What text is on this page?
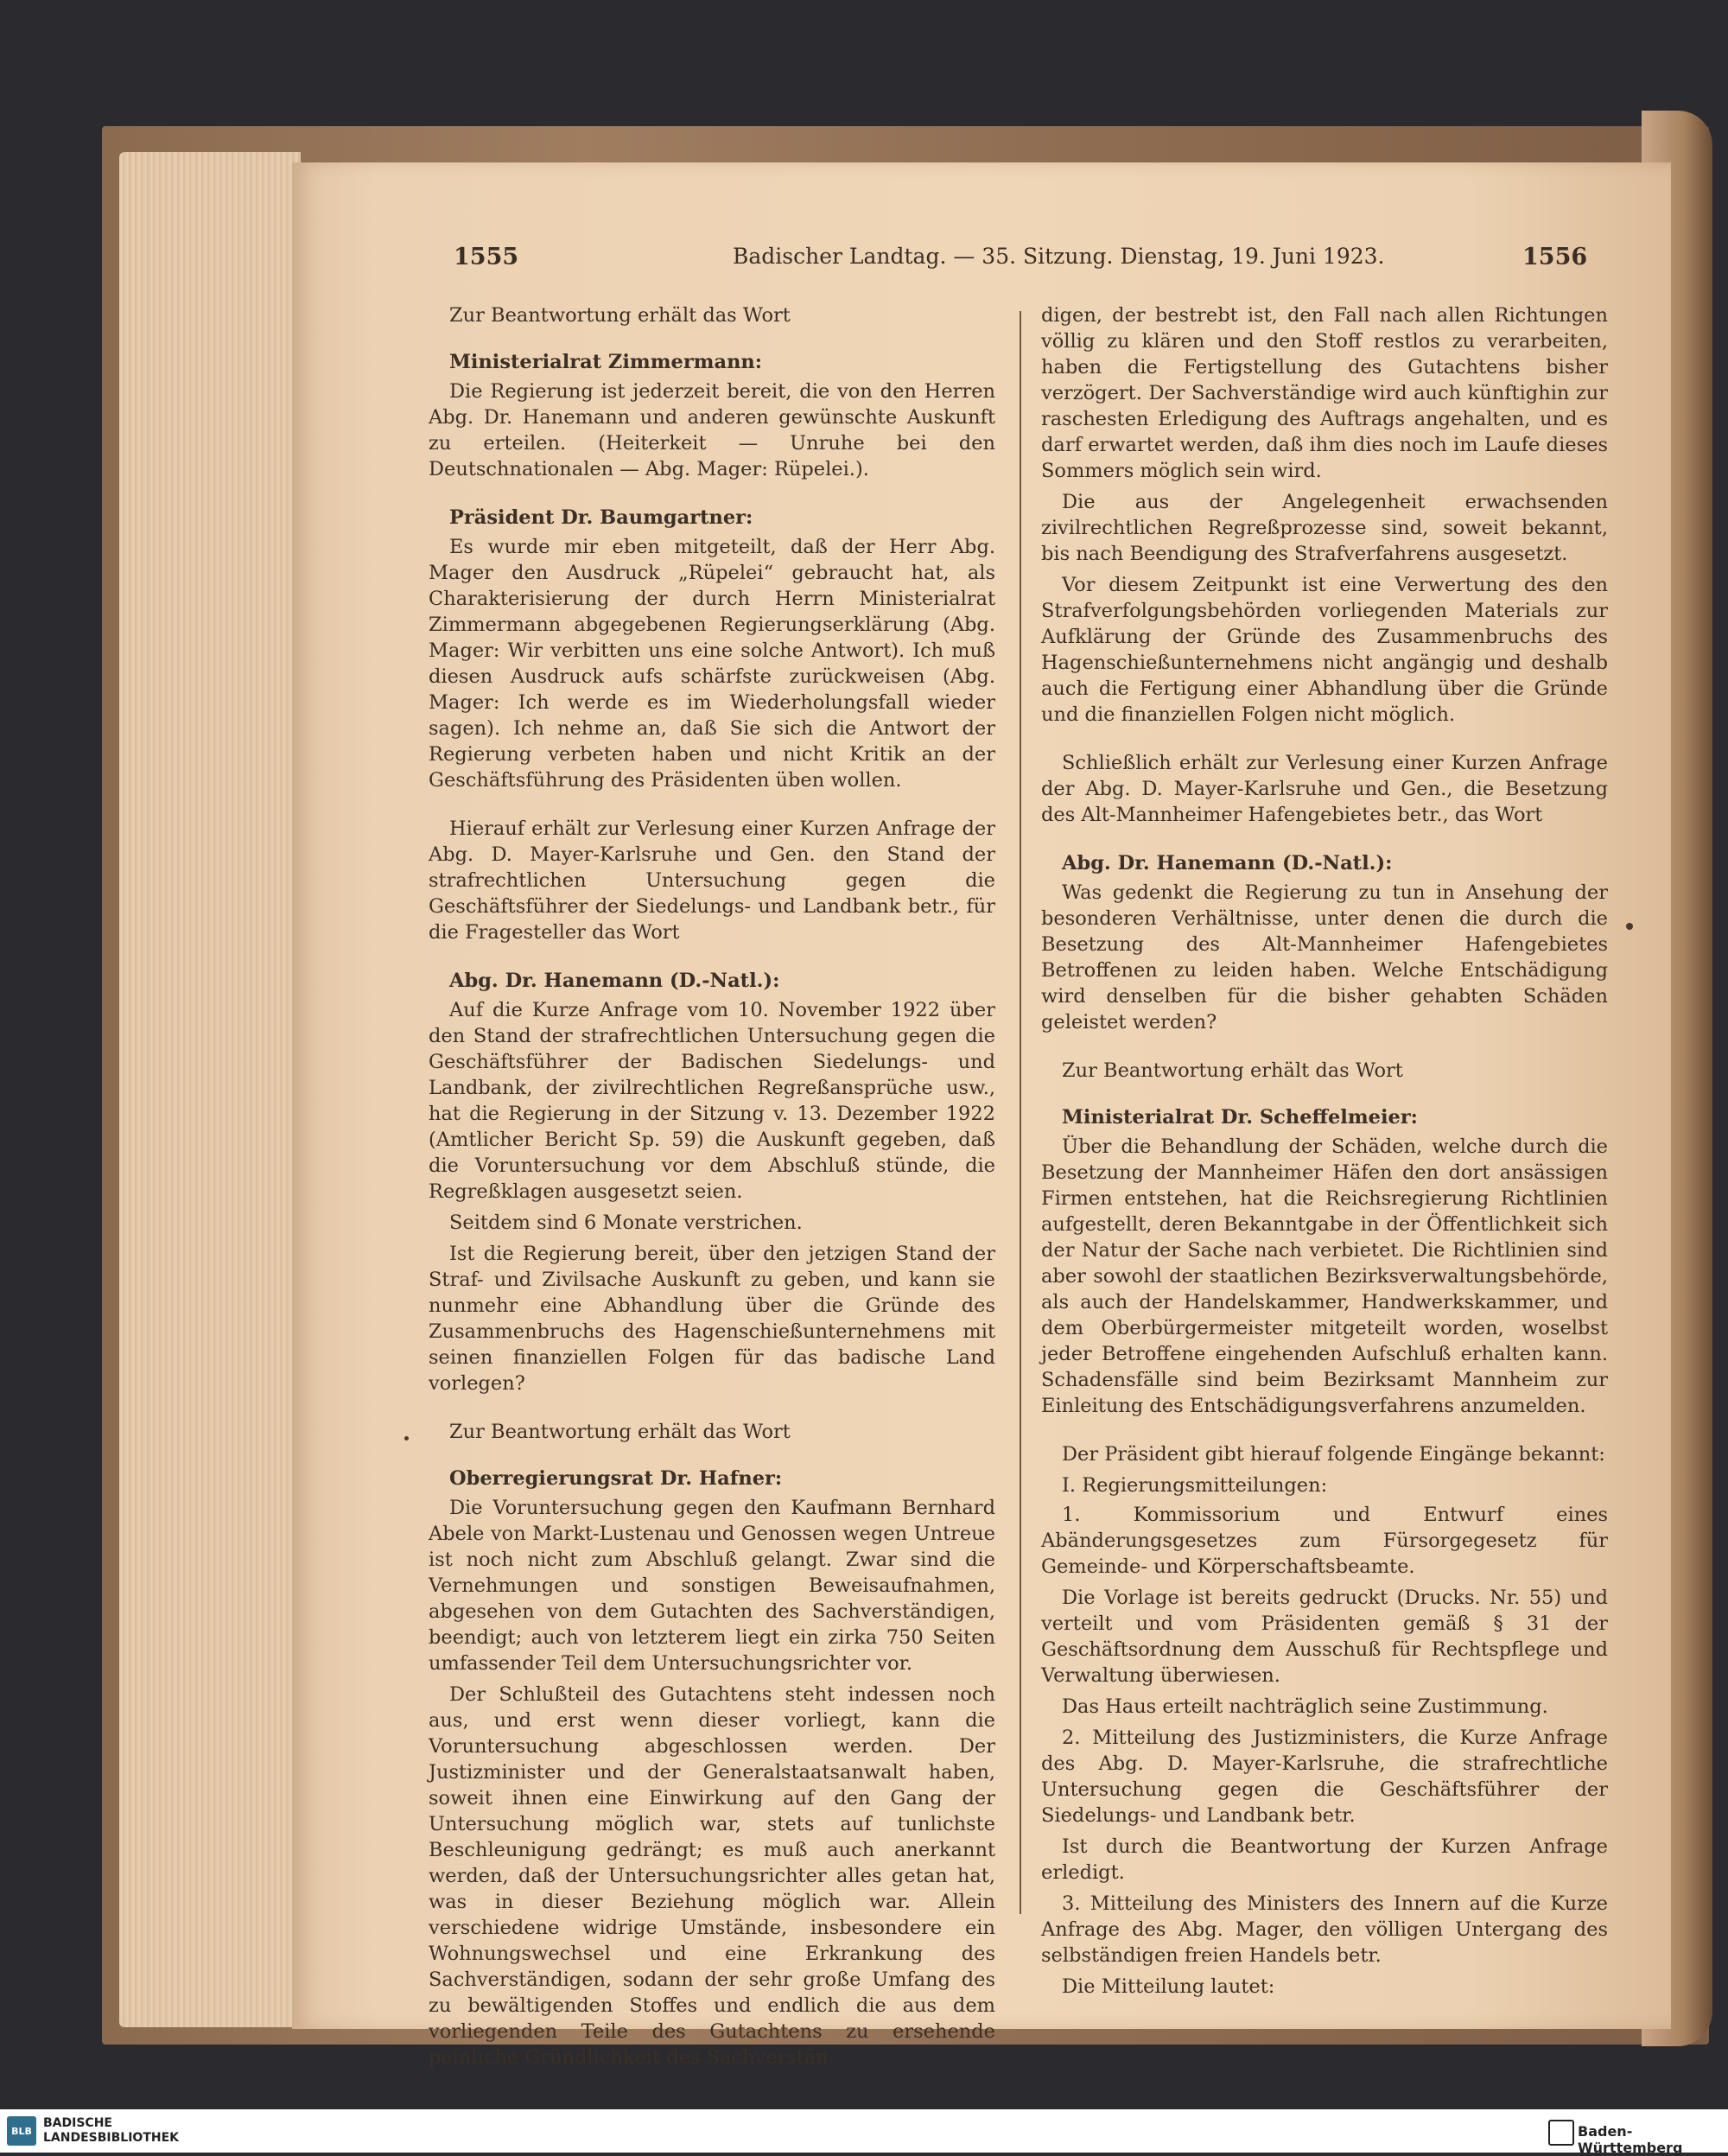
1555	Badischer Landtag. — 35. Sitzung. Dienstag, 19. Juni 1923.	1556

Zur Beantwortung erhält das Wort

Ministerialrat Zimmermann:

Die Regierung ist jederzeit bereit, die von den Herren Abg. Dr. Hanemann und anderen gewünschte Auskunft zu erteilen. (Heiterkeit — Unruhe bei den Deutschnationalen — Abg. Mager: Rüpelei.).

Präsident Dr. Baumgartner:

Es wurde mir eben mitgeteilt, daß der Herr Abg. Mager den Ausdruck „Rüpelei“ gebraucht hat, als Charakterisierung der durch Herrn Ministerialrat Zimmermann abgegebenen Regierungserklärung (Abg. Mager: Wir verbitten uns eine solche Antwort). Ich muß diesen Ausdruck aufs schärfste zurückweisen (Abg. Mager: Ich werde es im Wiederholungsfall wieder sagen). Ich nehme an, daß Sie sich die Antwort der Regierung verbeten haben und nicht Kritik an der Geschäftsführung des Präsidenten üben wollen.

Hierauf erhält zur Verlesung einer Kurzen Anfrage der Abg. D. Mayer-Karlsruhe und Gen. den Stand der strafrechtlichen Untersuchung gegen die Geschäftsführer der Siedelungs- und Landbank betr., für die Fragesteller das Wort

Abg. Dr. Hanemann (D.-Natl.):

Auf die Kurze Anfrage vom 10. November 1922 über den Stand der strafrechtlichen Untersuchung gegen die Geschäftsführer der Badischen Siedelungs- und Landbank, der zivilrechtlichen Regreßansprüche usw., hat die Regierung in der Sitzung v. 13. Dezember 1922 (Amtlicher Bericht Sp. 59) die Auskunft gegeben, daß die Voruntersuchung vor dem Abschluß stünde, die Regreßklagen ausgesetzt seien.

Seitdem sind 6 Monate verstrichen.

Ist die Regierung bereit, über den jetzigen Stand der Straf- und Zivilsache Auskunft zu geben, und kann sie nunmehr eine Abhandlung über die Gründe des Zusammenbruchs des Hagenschießunternehmens mit seinen finanziellen Folgen für das badische Land vorlegen?

Zur Beantwortung erhält das Wort

Oberregierungsrat Dr. Hafner:

Die Voruntersuchung gegen den Kaufmann Bernhard Abele von Markt-Lustenau und Genossen wegen Untreue ist noch nicht zum Abschluß gelangt. Zwar sind die Vernehmungen und sonstigen Beweisaufnahmen, abgesehen von dem Gutachten des Sachverständigen, beendigt; auch von letzterem liegt ein zirka 750 Seiten umfassender Teil dem Untersuchungsrichter vor.

Der Schlußteil des Gutachtens steht indessen noch aus, und erst wenn dieser vorliegt, kann die Voruntersuchung abgeschlossen werden. Der Justizminister und der Generalstaatsanwalt haben, soweit ihnen eine Einwirkung auf den Gang der Untersuchung möglich war, stets auf tunlichste Beschleunigung gedrängt; es muß auch anerkannt werden, daß der Untersuchungsrichter alles getan hat, was in dieser Beziehung möglich war. Allein verschiedene widrige Umstände, insbesondere ein Wohnungswechsel und eine Erkrankung des Sachverständigen, sodann der sehr große Umfang des zu bewältigenden Stoffes und endlich die aus dem vorliegenden Teile des Gutachtens zu ersehende peinliche Gründlichkeit des Sachverstän-

digen, der bestrebt ist, den Fall nach allen Richtungen völlig zu klären und den Stoff restlos zu verarbeiten, haben die Fertigstellung des Gutachtens bisher verzögert. Der Sachverständige wird auch künftighin zur raschesten Erledigung des Auftrags angehalten, und es darf erwartet werden, daß ihm dies noch im Laufe dieses Sommers möglich sein wird.

Die aus der Angelegenheit erwachsenden zivilrechtlichen Regreßprozesse sind, soweit bekannt, bis nach Beendigung des Strafverfahrens ausgesetzt.

Vor diesem Zeitpunkt ist eine Verwertung des den Strafverfolgungsbehörden vorliegenden Materials zur Aufklärung der Gründe des Zusammenbruchs des Hagenschießunternehmens nicht angängig und deshalb auch die Fertigung einer Abhandlung über die Gründe und die finanziellen Folgen nicht möglich.

Schließlich erhält zur Verlesung einer Kurzen Anfrage der Abg. D. Mayer-Karlsruhe und Gen., die Besetzung des Alt-Mannheimer Hafengebietes betr., das Wort

Abg. Dr. Hanemann (D.-Natl.):

Was gedenkt die Regierung zu tun in Ansehung der besonderen Verhältnisse, unter denen die durch die Besetzung des Alt-Mannheimer Hafengebietes Betroffenen zu leiden haben. Welche Entschädigung wird denselben für die bisher gehabten Schäden geleistet werden?

Zur Beantwortung erhält das Wort

Ministerialrat Dr. Scheffelmeier:

Über die Behandlung der Schäden, welche durch die Besetzung der Mannheimer Häfen den dort ansässigen Firmen entstehen, hat die Reichsregierung Richtlinien aufgestellt, deren Bekanntgabe in der Öffentlichkeit sich der Natur der Sache nach verbietet. Die Richtlinien sind aber sowohl der staatlichen Bezirksverwaltungsbehörde, als auch der Handelskammer, Handwerkskammer, und dem Oberbürgermeister mitgeteilt worden, woselbst jeder Betroffene eingehenden Aufschluß erhalten kann. Schadensfälle sind beim Bezirksamt Mannheim zur Einleitung des Entschädigungsverfahrens anzumelden.

Der Präsident gibt hierauf folgende Eingänge bekannt:

I. Regierungsmitteilungen:

1. Kommissorium und Entwurf eines Abänderungsgesetzes zum Fürsorgegesetz für Gemeinde- und Körperschaftsbeamte.

Die Vorlage ist bereits gedruckt (Drucks. Nr. 55) und verteilt und vom Präsidenten gemäß § 31 der Geschäftsordnung dem Ausschuß für Rechtspflege und Verwaltung überwiesen.

Das Haus erteilt nachträglich seine Zustimmung.

2. Mitteilung des Justizministers, die Kurze Anfrage des Abg. D. Mayer-Karlsruhe, die strafrechtliche Untersuchung gegen die Geschäftsführer der Siedelungs- und Landbank betr.

Ist durch die Beantwortung der Kurzen Anfrage erledigt.

3. Mitteilung des Ministers des Innern auf die Kurze Anfrage des Abg. Mager, den völligen Untergang des selbständigen freien Handels betr.

Die Mitteilung lautet:

BLB
BADISCHE
LANDESBIBLIOTHEK	Baden-Württemberg
